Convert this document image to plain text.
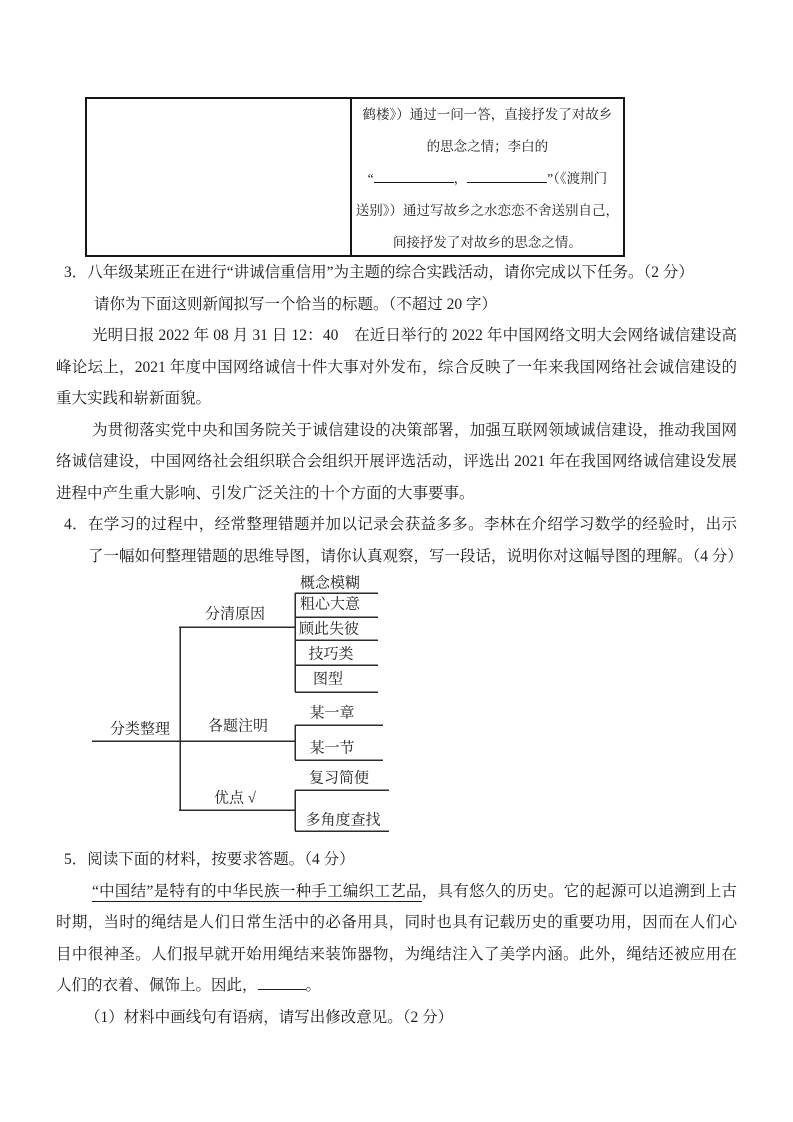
鹤楼》）通过一问一答，直接抒发了对故乡
的思念之情；李白的
“	，	”（《渡荆门
送别》）通过写故乡之水恋恋不舍送别自己，
间接抒发了对故乡的思念之情。

3．八年级某班正在进行“讲诚信重信用”为主题的综合实践活动，请你完成以下任务。（2 分）

请你为下面这则新闻拟写一个恰当的标题。（不超过 20 字）

光明日报 2022 年 08 月 31 日 12：40　在近日举行的 2022 年中国网络文明大会网络诚信建设高峰论坛上，2021 年度中国网络诚信十件大事对外发布，综合反映了一年来我国网络社会诚信建设的重大实践和崭新面貌。

为贯彻落实党中央和国务院关于诚信建设的决策部署，加强互联网领域诚信建设，推动我国网络诚信建设，中国网络社会组织联合会组织开展评选活动，评选出 2021 年在我国网络诚信建设发展进程中产生重大影响、引发广泛关注的十个方面的大事要事。

4．在学习的过程中，经常整理错题并加以记录会获益多多。李林在介绍学习数学的经验时，出示了一幅如何整理错题的思维导图，请你认真观察，写一段话，说明你对这幅导图的理解。（4 分）

分类整理
分清原因
概念模糊
粗心大意
顾此失彼
技巧类
图型
各题注明
某一章
某一节
优点 √
复习简便
多角度查找

5．阅读下面的材料，按要求答题。（4 分）

“中国结”是特有的中华民族一种手工编织工艺品，具有悠久的历史。它的起源可以追溯到上古时期，当时的绳结是人们日常生活中的必备用具，同时也具有记载历史的重要功用，因而在人们心目中很神圣。人们报早就开始用绳结来装饰器物，为绳结注入了美学内涵。此外，绳结还被应用在人们的衣着、佩饰上。因此，	。

（1）材料中画线句有语病，请写出修改意见。（2 分）
